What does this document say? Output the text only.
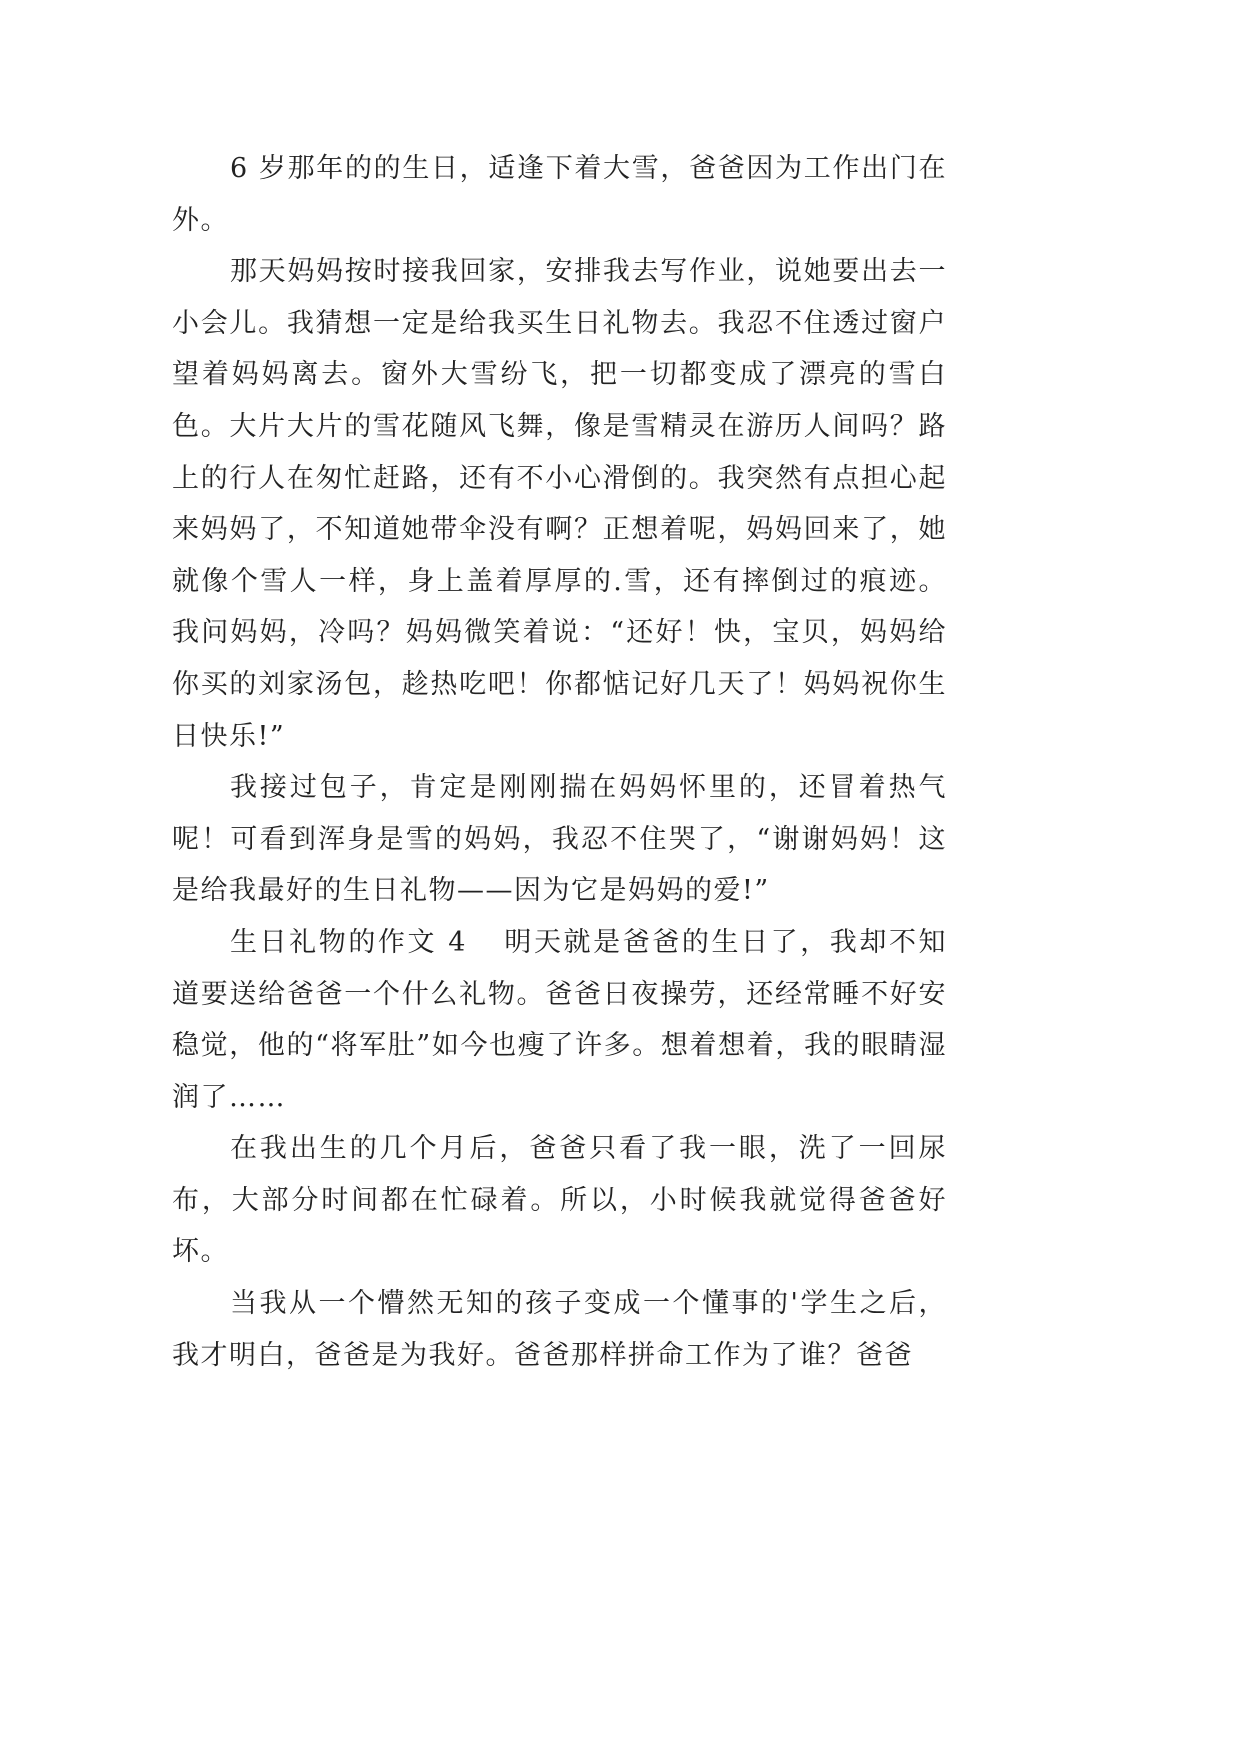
6 岁那年的的生日，适逢下着大雪，爸爸因为工作出门在外。

那天妈妈按时接我回家，安排我去写作业，说她要出去一小会儿。我猜想一定是给我买生日礼物去。我忍不住透过窗户望着妈妈离去。窗外大雪纷飞，把一切都变成了漂亮的雪白色。大片大片的雪花随风飞舞，像是雪精灵在游历人间吗？路上的行人在匆忙赶路，还有不小心滑倒的。我突然有点担心起来妈妈了，不知道她带伞没有啊？正想着呢，妈妈回来了，她就像个雪人一样，身上盖着厚厚的.雪，还有摔倒过的痕迹。我问妈妈，冷吗？妈妈微笑着说：“还好！快，宝贝，妈妈给你买的刘家汤包，趁热吃吧！你都惦记好几天了！妈妈祝你生日快乐!”

我接过包子，肯定是刚刚揣在妈妈怀里的，还冒着热气呢！可看到浑身是雪的妈妈，我忍不住哭了，“谢谢妈妈！这是给我最好的生日礼物——因为它是妈妈的爱!”

生日礼物的作文 4	明天就是爸爸的生日了，我却不知道要送给爸爸一个什么礼物。爸爸日夜操劳，还经常睡不好安稳觉，他的“将军肚”如今也瘦了许多。想着想着，我的眼睛湿润了……

在我出生的几个月后，爸爸只看了我一眼，洗了一回尿布，大部分时间都在忙碌着。所以，小时候我就觉得爸爸好坏。

当我从一个懵然无知的孩子变成一个懂事的'学生之后，我才明白，爸爸是为我好。爸爸那样拼命工作为了谁？爸爸
